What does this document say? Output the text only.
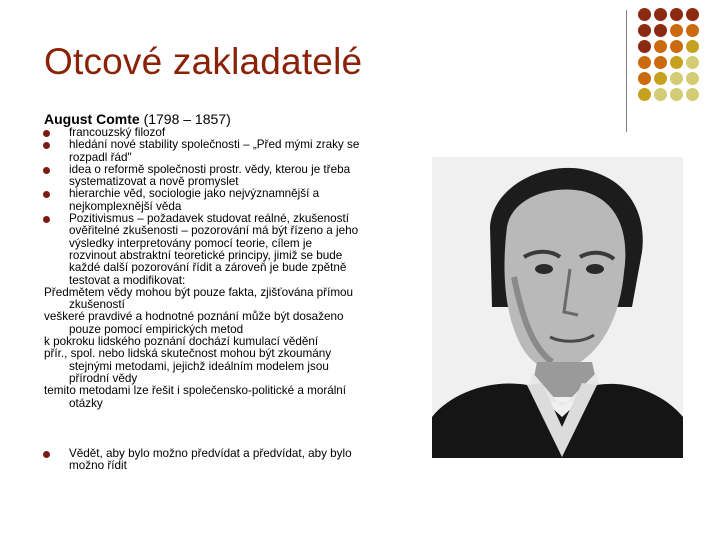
Otcové zakladatelé
August Comte (1798 – 1857)
francouzský filozof
hledání nové stability společnosti – „Před mými zraky se rozpadl řád"
idea o reformě společnosti prostr. vědy, kterou je třeba systematizovat a nově promyslet
hierarchie věd, sociologie jako nejvýznamnější a nejkomplexnější věda
Pozitivismus – požadavek studovat reálné, zkušeností ověřitelné zkušenosti – pozorování má být řízeno a jeho výsledky interpretovány pomocí teorie, cílem je rozvinout abstraktní teoretické principy, jimiž se bude každé další pozorování řídit a zároveň je bude zpětně testovat a modifikovat:
Předmětem vědy mohou být pouze fakta, zjišťována přímou zkušeností
veškeré pravdivé a hodnotné poznání může být dosaženo pouze pomocí empirických metod
k pokroku lidského poznání dochází kumulací vědění
přír., spol. nebo lidská skutečnost mohou být zkoumány stejnými metodami, jejichž ideálním modelem jsou přírodní vědy
temito metodami lze řešit i společensko-politické a morální otázky
Vědět, aby bylo možno předvídat a předvídat, aby bylo možno řídit
